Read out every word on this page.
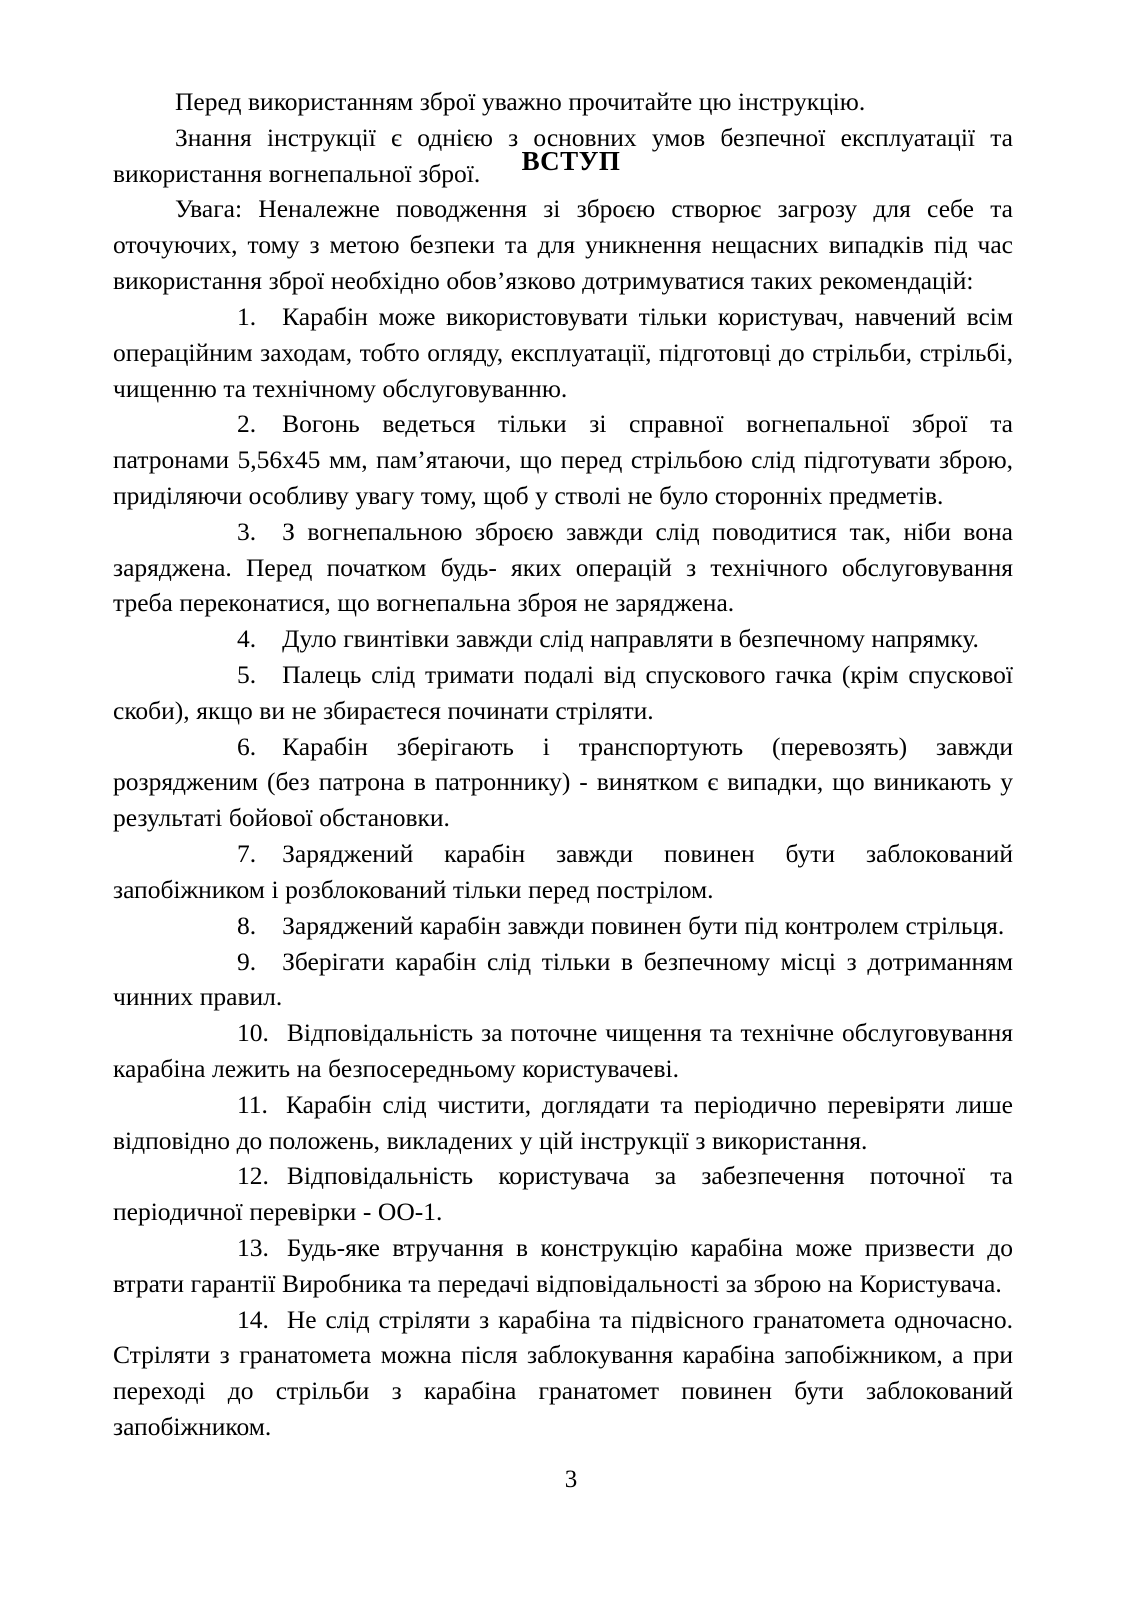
ВСТУП

Перед використанням зброї уважно прочитайте цю інструкцію.

Знання інструкції є однією з основних умов безпечної експлуатації та використання вогнепальної зброї.

Увага: Неналежне поводження зі зброєю створює загрозу для себе та оточуючих, тому з метою безпеки та для уникнення нещасних випадків під час використання зброї необхідно обов’язково дотримуватися таких рекомендацій:

1. Карабін може використовувати тільки користувач, навчений всім операційним заходам, тобто огляду, експлуатації, підготовці до стрільби, стрільбі, чищенню та технічному обслуговуванню.

2. Вогонь ведеться тільки зі справної вогнепальної зброї та патронами 5,56х45 мм, пам’ятаючи, що перед стрільбою слід підготувати зброю, приділяючи особливу увагу тому, щоб у стволі не було сторонніх предметів.

3. З вогнепальною зброєю завжди слід поводитися так, ніби вона заряджена. Перед початком будь- яких операцій з технічного обслуговування треба переконатися, що вогнепальна зброя не заряджена.

4. Дуло гвинтівки завжди слід направляти в безпечному напрямку.

5. Палець слід тримати подалі від спускового гачка (крім спускової скоби), якщо ви не збираєтеся починати стріляти.

6. Карабін зберігають і транспортують (перевозять) завжди розрядженим (без патрона в патроннику) - винятком є випадки, що виникають у результаті бойової обстановки.

7. Заряджений карабін завжди повинен бути заблокований запобіжником і розблокований тільки перед пострілом.

8. Заряджений карабін завжди повинен бути під контролем стрільця.

9. Зберігати карабін слід тільки в безпечному місці з дотриманням чинних правил.

10. Відповідальність за поточне чищення та технічне обслуговування карабіна лежить на безпосередньому користувачеві.

11. Карабін слід чистити, доглядати та періодично перевіряти лише відповідно до положень, викладених у цій інструкції з використання.

12. Відповідальність користувача за забезпечення поточної та періодичної перевірки - ОО-1.

13. Будь-яке втручання в конструкцію карабіна може призвести до втрати гарантії Виробника та передачі відповідальності за зброю на Користувача.

14. Не слід стріляти з карабіна та підвісного гранатомета одночасно. Стріляти з гранатомета можна після заблокування карабіна запобіжником, а при переході до стрільби з карабіна гранатомет повинен бути заблокований запобіжником.

3
